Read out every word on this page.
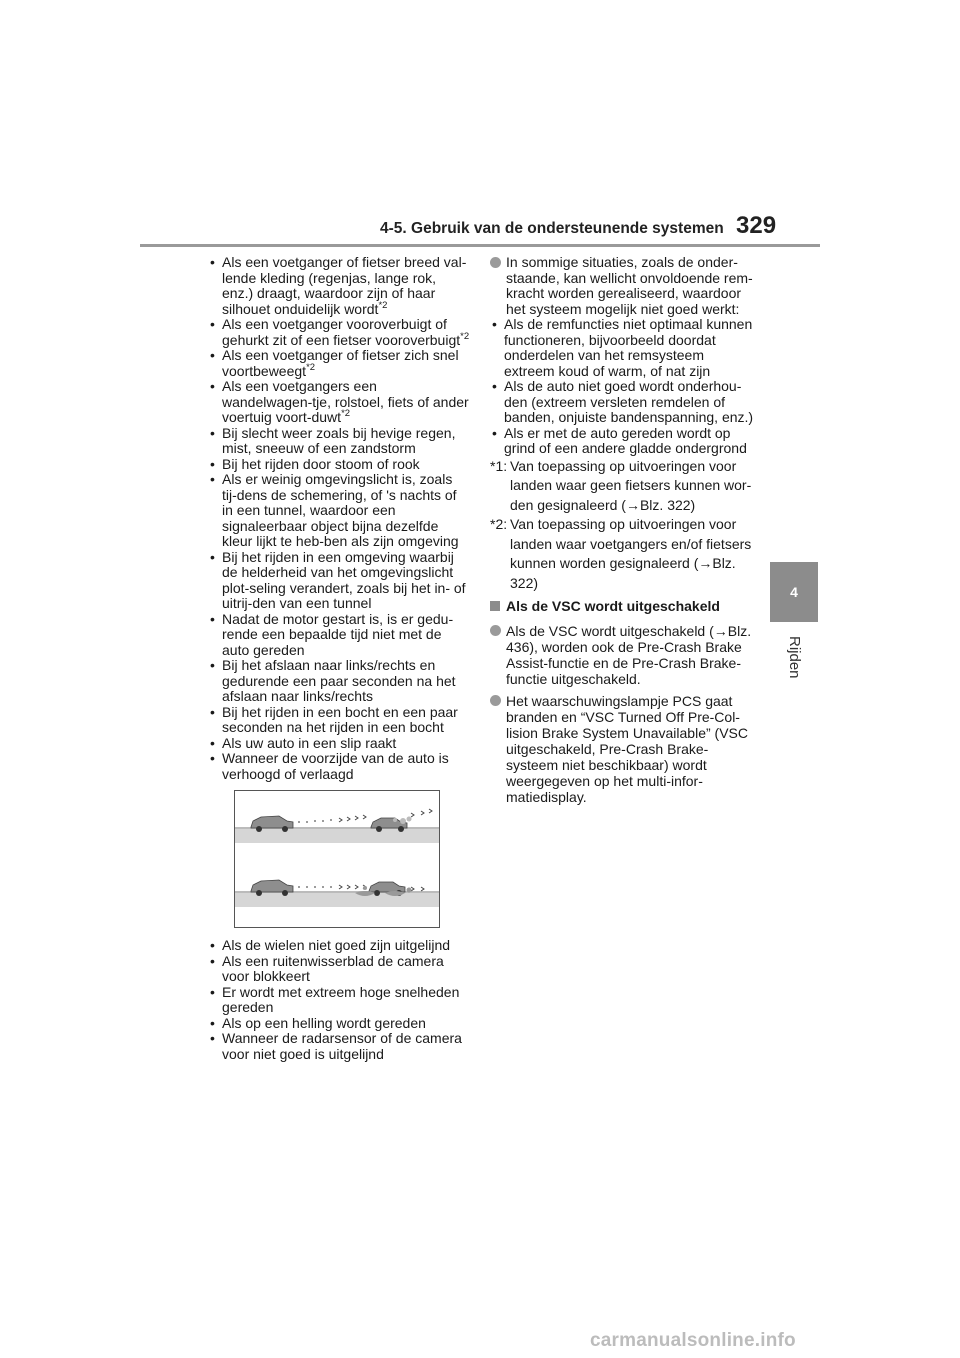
4-5. Gebruik van de ondersteunende systemen 329
4
Rijden
• Als een voetganger of fietser breed val-lende kleding (regenjas, lange rok, enz.) draagt, waardoor zijn of haar silhouet onduidelijk wordt$^{*2}$
• Als een voetganger vooroverbuigt of gehurkt zit of een fietser vooroverbuigt$^{*2}$
• Als een voetganger of fietser zich snel voortbeweegt$^{*2}$
• Als een voetgangers een wandelwagen-tje, rolstoel, fiets of ander voertuig voort-duwt$^{*2}$
• Bij slecht weer zoals bij hevige regen, mist, sneeuw of een zandstorm
• Bij het rijden door stoom of rook
• Als er weinig omgevingslicht is, zoals tij-dens de schemering, of 's nachts of in een tunnel, waardoor een signaleerbaar object bijna dezelfde kleur lijkt te heb-ben als zijn omgeving
• Bij het rijden in een omgeving waarbij de helderheid van het omgevingslicht plot-seling verandert, zoals bij het in- of uitrij-den van een tunnel
• Nadat de motor gestart is, is er gedu-rende een bepaalde tijd niet met de auto gereden
• Bij het afslaan naar links/rechts en gedurende een paar seconden na het afslaan naar links/rechts
• Bij het rijden in een bocht en een paar seconden na het rijden in een bocht
• Als uw auto in een slip raakt
• Wanneer de voorzijde van de auto is verhoogd of verlaagd
• Als de wielen niet goed zijn uitgelijnd
• Als een ruitenwisserblad de camera voor blokkeert
• Er wordt met extreem hoge snelheden gereden
• Als op een helling wordt gereden
• Wanneer de radarsensor of de camera voor niet goed is uitgelijnd
In sommige situaties, zoals de onder-staande, kan wellicht onvoldoende rem-kracht worden gerealiseerd, waardoor het systeem mogelijk niet goed werkt:
• Als de remfuncties niet optimaal kunnen functioneren, bijvoorbeeld doordat onderdelen van het remsysteem extreem koud of warm, of nat zijn
• Als de auto niet goed wordt onderhou-den (extreem versleten remdelen of banden, onjuiste bandenspanning, enz.)
• Als er met de auto gereden wordt op grind of een andere gladde ondergrond
*1: Van toepassing op uitvoeringen voor landen waar geen fietsers kunnen wor-den gesignaleerd (→Blz. 322)
*2: Van toepassing op uitvoeringen voor landen waar voetgangers en/of fietsers kunnen worden gesignaleerd (→Blz. 322)
Als de VSC wordt uitgeschakeld
Als de VSC wordt uitgeschakeld (→Blz. 436), worden ook de Pre-Crash Brake Assist-functie en de Pre-Crash Brake-functie uitgeschakeld.
Het waarschuwingslampje PCS gaat branden en “VSC Turned Off Pre-Col-lision Brake System Unavailable” (VSC uitgeschakeld, Pre-Crash Brake-systeem niet beschikbaar) wordt weergegeven op het multi-infor-matiedisplay.
carmanualsonline.info
